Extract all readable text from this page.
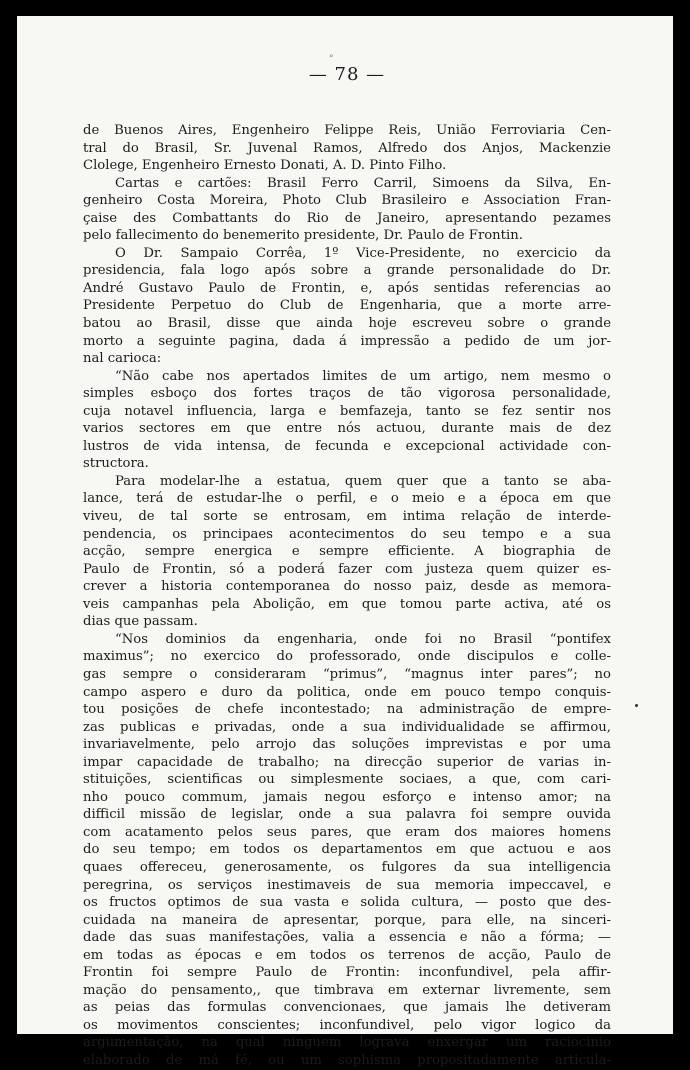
°
— 78 —
de Buenos Aires, Engenheiro Felippe Reis, União Ferroviaria Cen-
tral do Brasil, Sr. Juvenal Ramos, Alfredo dos Anjos, Mackenzie
Clolege, Engenheiro Ernesto Donati, A. D. Pinto Filho.
Cartas e cartões: Brasil Ferro Carril, Simoens da Silva, En-
genheiro Costa Moreira, Photo Club Brasileiro e Association Fran-
çaise des Combattants do Rio de Janeiro, apresentando pezames
pelo fallecimento do benemerito presidente, Dr. Paulo de Frontin.
O Dr. Sampaio Corrêa, 1º Vice-Presidente, no exercicio da
presidencia, fala logo após sobre a grande personalidade do Dr.
André Gustavo Paulo de Frontin, e, após sentidas referencias ao
Presidente Perpetuo do Club de Engenharia, que a morte arre-
batou ao Brasil, disse que ainda hoje escreveu sobre o grande
morto a seguinte pagina, dada á impressão a pedido de um jor-
nal carioca:
“Não cabe nos apertados limites de um artigo, nem mesmo o
simples esboço dos fortes traços de tão vigorosa personalidade,
cuja notavel influencia, larga e bemfazeja, tanto se fez sentir nos
varios sectores em que entre nós actuou, durante mais de dez
lustros de vida intensa, de fecunda e excepcional actividade con-
structora.
Para modelar-lhe a estatua, quem quer que a tanto se aba-
lance, terá de estudar-lhe o perfil, e o meio e a época em que
viveu, de tal sorte se entrosam, em intima relação de interde-
pendencia, os principaes acontecimentos do seu tempo e a sua
acção, sempre energica e sempre efficiente. A biographia de
Paulo de Frontin, só a poderá fazer com justeza quem quizer es-
crever a historia contemporanea do nosso paiz, desde as memora-
veis campanhas pela Abolição, em que tomou parte activa, até os
dias que passam.
“Nos dominios da engenharia, onde foi no Brasil “pontifex
maximus”; no exercico do professorado, onde discipulos e colle-
gas sempre o consideraram “primus”, “magnus inter pares”; no
campo aspero e duro da politica, onde em pouco tempo conquis-
tou posições de chefe incontestado; na administração de empre-
zas publicas e privadas, onde a sua individualidade se affirmou,
invariavelmente, pelo arrojo das soluções imprevistas e por uma
impar capacidade de trabalho; na direcção superior de varias in-
stituições, scientificas ou simplesmente sociaes, a que, com cari-
nho pouco commum, jamais negou esforço e intenso amor; na
difficil missão de legislar, onde a sua palavra foi sempre ouvida
com acatamento pelos seus pares, que eram dos maiores homens
do seu tempo; em todos os departamentos em que actuou e aos
quaes offereceu, generosamente, os fulgores da sua intelligencia
peregrina, os serviços inestimaveis de sua memoria impeccavel, e
os fructos optimos de sua vasta e solida cultura, — posto que des-
cuidada na maneira de apresentar, porque, para elle, na sinceri-
dade das suas manifestações, valia a essencia e não a fórma; —
em todas as épocas e em todos os terrenos de acção, Paulo de
Frontin foi sempre Paulo de Frontin: inconfundivel, pela affir-
mação do pensamento,, que timbrava em externar livremente, sem
as peias das formulas convencionaes, que jamais lhe detiveram
os movimentos conscientes; inconfundivel, pelo vigor logico da
argumentação, na qual ninguem lograva enxergar um raciocinio
elaborado de má fé, ou um sophisma propositadamente articula-
